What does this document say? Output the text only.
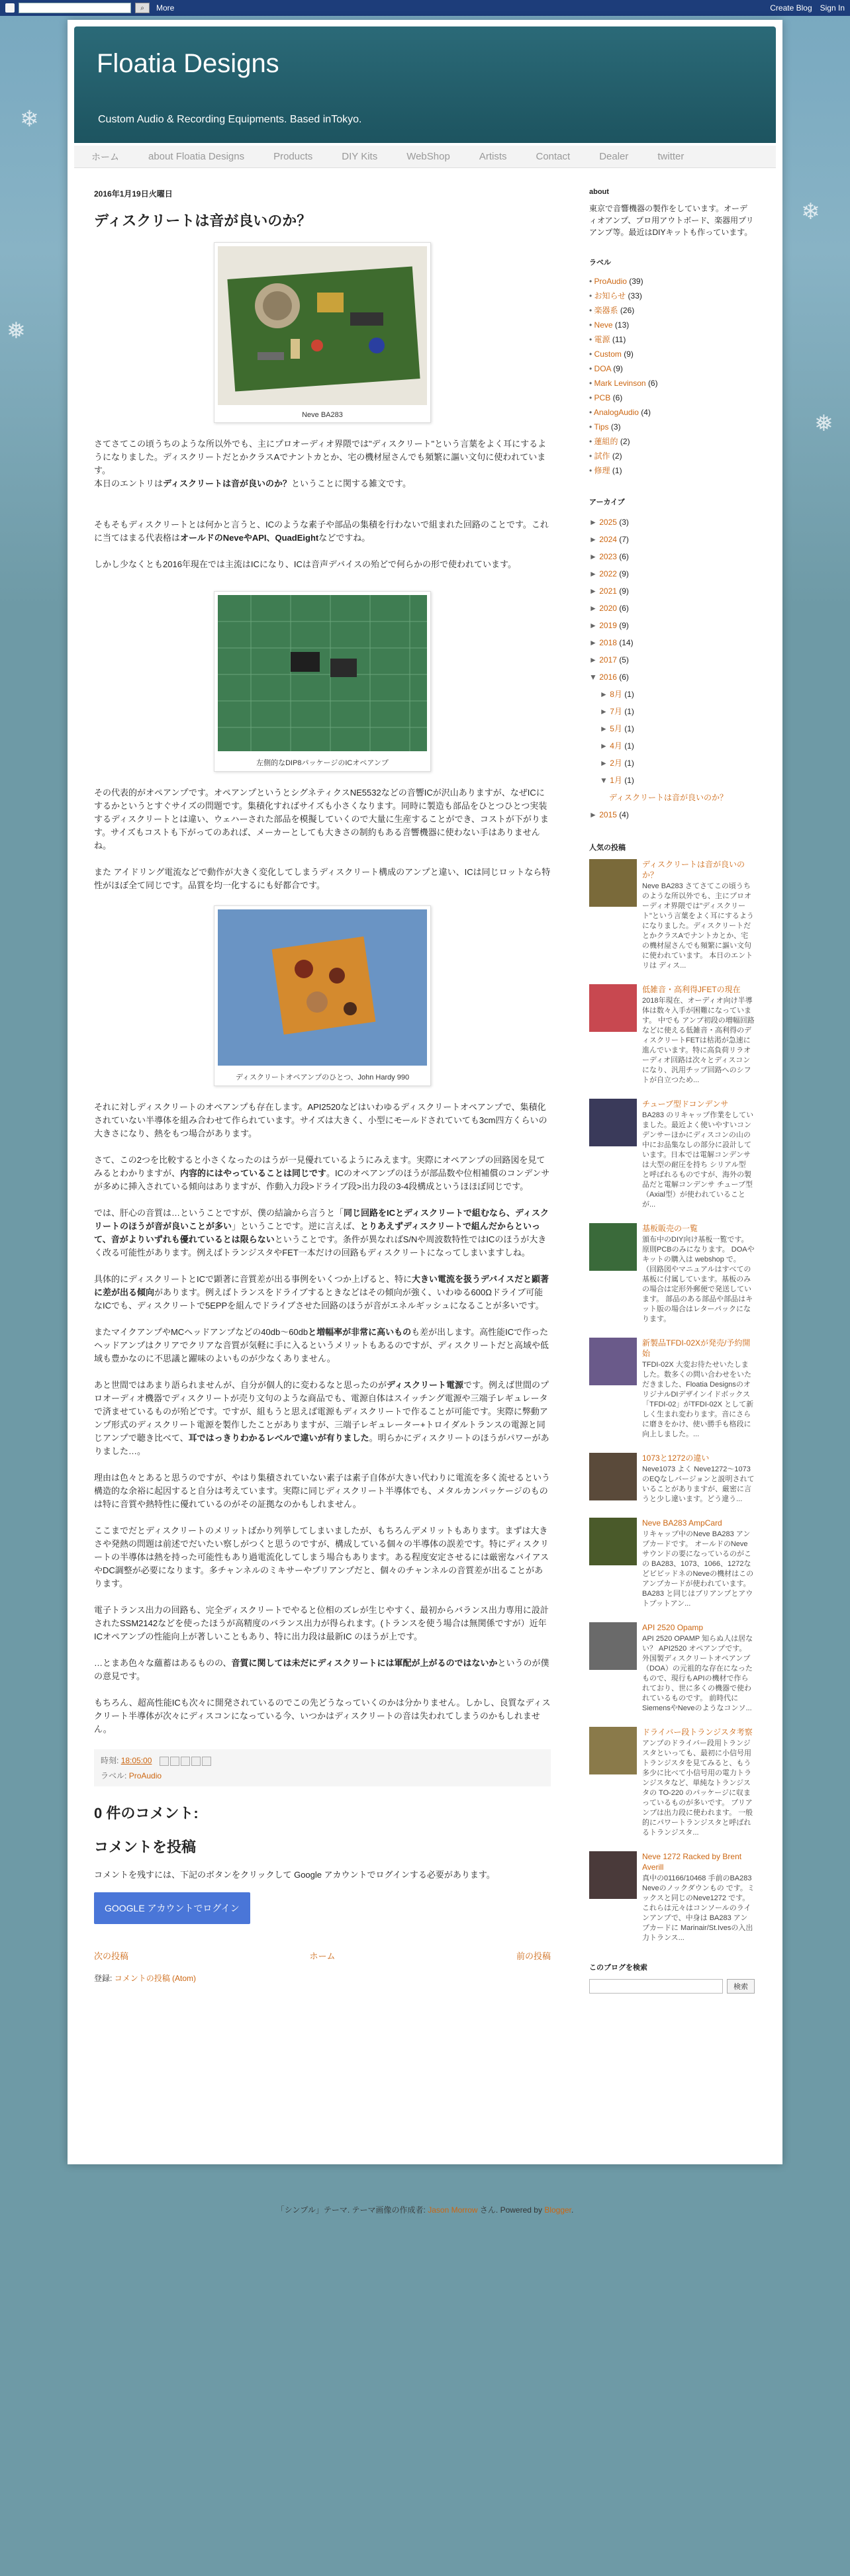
❄
❅
❄
❅
⌕	More	Create Blog Sign In
Floatia Designs
Custom Audio & Recording Equipments. Based inTokyo.
ホーム	about Floatia Designs	Products	DIY Kits	WebShop	Artists	Contact	Dealer	twitter
2016年1月19日火曜日
ディスクリートは音が良いのか？
Neve BA283

さてさてこの頃うちのような所以外でも、主にプロオーディオ界隈では"ディスクリート"という言葉をよく耳にするようになりました。ディスクリートだとかクラスAでナントカとか、宅の機材屋さんでも頻繁に謳い文句に使われています。
本日のエントリはディスクリートは音が良いのか？ということに関する雑文です。

そもそもディスクリートとは何かと言うと、ICのような素子や部品の集積を行わないで組まれた回路のことです。これに当てはまる代表格はオールドのNeveやAPI、QuadEightなどですね。

しかし少なくとも2016年現在では主流はICになり、ICは音声デバイスの殆どで何らかの形で使われています。

左側的なDIP8パッケージのICオペアンプ

その代表的がオペアンプです。オペアンプというとシグネティクスNE5532などの音響ICが沢山ありますが、なぜICにするかというとすぐサイズの問題です。集積化すればサイズも小さくなります。同時に製造も部品をひとつひとつ実装するディスクリートとは違い、ウェハーされた部品を模擬していくので大量に生産することができ、コストが下がります。サイズもコストも下がってのあれば、メーカーとしても大きさの制約もある音響機器に使わない手はありませんね。

また アイドリング電流などで動作が大きく変化してしまうディスクリート構成のアンプと違い、ICは同じロットなら特性がほぼ全て同じです。品質を均一化するにも好都合です。

ディスクリートオペアンプのひとつ、John Hardy 990

それに対しディスクリートのオペアンプも存在します。API2520などはいわゆるディスクリートオペアンプで、集積化されていない半導体を組み合わせて作られています。サイズは大きく、小型にモールドされていても3cm四方くらいの大きさになり、熱をもつ場合があります。

さて、この2つを比較すると小さくなったのはうが一見優れているようにみえます。実際にオペアンプの回路図を見てみるとわかりますが、内容的にはやっていることは同じです。ICのオペアンプのほうが部品数や位相補償のコンデンサが多めに挿入されている傾向はありますが、作動入力段>ドライブ段>出力段の3-4段構成というほほぼ同じです。

では、肝心の音質は…ということですが、僕の結論から言うと「同じ回路をICとディスクリートで組むなら、ディスクリートのほうが音が良いことが多い」ということです。逆に言えば、とりあえずディスクリートで組んだからといって、音がよりいずれも優れているとは限らないということです。条件が異なればS/Nや周波数特性ではICのほうが大きく改る可能性があります。例えばトランジスタやFET一本だけの回路もディスクリートになってしまいますしね。

具体的にディスクリートとICで顕著に音質差が出る事例をいくつか上げると、特に大きい電流を扱うデバイスだと顕著に差が出る傾向があります。例えばトランスをドライブするときなどはその傾向が強く、いわゆる600Ωドライブ可能なICでも、ディスクリートで5EPPを組んでドライブさせた回路のほうが音がエネルギッシュになることが多いです。

またマイクアンプやMCヘッドアンプなどの40db〜60dbと増幅率が非常に高いものも差が出します。高性能ICで作ったヘッドアンプはクリアでクリアな音質が気軽に手に入るというメリットもあるのですが、ディスクリートだと高域や低域も豊かなのに不思議と躍味のよいものが少なくありません。

あと世間ではあまり語られませんが、自分が個人的に変わるなと思ったのがディスクリート電源です。例えば世間のプロオーディオ機器でディスクリートが売り文句のような商品でも、電源自体はスイッチング電源や三端子レギュレータで済ませているものが殆どです。ですが、組もうと思えば電源もディスクリートで作ることが可能です。実際に弊動アンプ形式のディスクリート電源を製作したことがありますが、三端子レギュレーター+トロイダルトランスの電源と同じアンプで聴き比べて、耳ではっきりわかるレベルで違いが有りました。明らかにディスクリートのほうがパワーがありました…。

理由は色々とあると思うのですが、やはり集積されていない素子は素子自体が大きい代わりに電流を多く流せるという構造的な余裕に起因すると自分は考えています。実際に同じディスクリート半導体でも、メタルカンパッケージのものは特に音質や熱特性に優れているのがその証拠なのかもしれません。

ここまでだとディスクリートのメリットばかり列挙してしまいましたが、もちろんデメリットもあります。まずは大きさや発熱の問題は前述でだいたい察しがつくと思うのですが、構成している個々の半導体の誤差です。特にディスクリートの半導体は熱を持った可能性もあり過電流化してしまう場合もあります。ある程度安定させるには厳密なバイアスやDC調整が必要になります。多チャンネルのミキサーやプリアンプだと、個々のチャンネルの音質差が出ることがあります。

電子トランス出力の回路も、完全ディスクリートでやると位相のズレが生じやすく、最初からバランス出力専用に設計されたSSM2142などを使ったほうが高精度のバランス出力が得られます。(トランスを使う場合は無関係ですが）近年ICオペアンプの性能向上が著しいこともあり、特に出力段は最新IC のほうが上です。

…とまあ色々な蘊蓄はあるものの、音質に関しては未だにディスクリートには軍配が上がるのではないかというのが僕の意見です。

もちろん、超高性能ICも次々に開発されているのでこの先どうなっていくのかは分かりません。しかし、良質なディスクリート半導体が次々にディスコンになっている今、いつかはディスクリートの音は失われてしまうのかもしれません。

時刻: 18:05:00
ラベル: ProAudio
0 件のコメント:
コメントを投稿

コメントを残すには、下記のボタンをクリックして Google アカウントでログインする必要があります。

GOOGLE アカウントでログイン
次の投稿	ホーム	前の投稿
登録: コメントの投稿 (Atom)
about
東京で音響機器の製作をしています。オーディオアンプ、プロ用アウトボード、楽器用プリアンプ等。最近はDIYキットも作っています。
ラベル
• ProAudio (39)
• お知らせ (33)
• 楽器系 (26)
• Neve (13)
• 電源 (11)
• Custom (9)
• DOA (9)
• Mark Levinson (6)
• PCB (6)
• AnalogAudio (4)
• Tips (3)
• 蓮組的 (2)
• 試作 (2)
• 修理 (1)
アーカイブ
► 2025 (3)
► 2024 (7)
► 2023 (6)
► 2022 (9)
► 2021 (9)
► 2020 (6)
► 2019 (9)
► 2018 (14)
► 2017 (5)
▼ 2016 (6)
► 8月 (1)
► 7月 (1)
► 5月 (1)
► 4月 (1)
► 2月 (1)
▼ 1月 (1)
ディスクリートは音が良いのか？
► 2015 (4)
人気の投稿
ディスクリートは音が良いのか？
Neve BA283 さてさてこの頃うちのような所以外でも、主にプロオーディオ界隈では"ディスクリート"という言葉をよく耳にするようになりました。ディスクリートだとかクラスAでナントカとか、宅の機材屋さんでも頻繁に謳い文句に使われています。 本日のエントリは ディス...
低雑音・高利得JFETの現在
2018年現在、オーディオ向け半導体は数々入手が困難になっています。 中でも アンプ初段の増幅回路などに使える低雑音・高利得のディスクリートFETは枯渇が急速に進んでいます。特に高負荷リラオーディオ回路は次々とディスコンになり、汎用チップ回路へのシフトが自立つため...
チューブ型ドコンデンサ
BA283 のリキャップ作業をしていました。最近よく使いやすいコンデンサーほかにディスコンの山の中にお品集なしの部分に設計しています。日本では電解コンデンサは大型の耐圧を持ち シリアル型 と呼ばれるものですが、海外の製品だと電解コンデンサ チューブ型（Axial型）が使われていることが...
基板販売の一覧
頒布中のDIY向け基板一覧です。原則PCBのみになります。 DOAやキットの購入は webshop で。 （回路図やマニュアルはすべての基板に付属しています。基板のみの場合は定形外郵便で発送しています。 部品のある部品や部品はキット版の場合はレターパックになります。
新製品TFDI-02Xが発売/予約開始
TFDI-02X 大変お待たせいたしました。数多くの問い合わせをいただきました、Floatia DesignsのオリジナルDIデザインイドボックス「TFDI-02」がTFDI-02X として新しく生まれ変わります。音にさらに磨きをかけ、使い勝手も格段に向上しました。...
1073と1272の違い
Neve1073 よく Neve1272〜1073のEQなしバージョンと説明されていることがありますが、厳密に言うと少し違います。どう違う...
Neve BA283 AmpCard
リキャップ中のNeve BA283 アンプカードです。 オールドのNeveサウンドの要になっているのがこの BA283、1073、1066、1272などビビッドネのNeveの機材はこのアンプカードが使われています。 BA283 と同じはブリアンプとアウトプットアン...
API 2520 Opamp
API 2520 OPAMP 知らぬ人は居ない？ API2520 オペアンプです。 外国製ディスクリートオペアンプ（DOA）の元祖的な存在になったもので、現行もAPIの機材で作られており、世に多くの機器で使われているものです。 前時代にSiemensやNeveのようなコンソ...
ドライバー段トランジスタ考察
アンプのドライバー段用トランジスタといっても、最初に小信号用トランジスタを見てみると、もう多少に比べて小信号用の電力トランジスタなど、単純なトランジスタの TO-220 のパッケージに収まっているものが多いです。 プリアンプは出力段に使われます。 一般的にパワートランジスタと呼ばれるトランジスタ...
Neve 1272 Racked by Brent Averill
真中の01166/10468 手前のBA283 Neveのノックダウンもの です。ミックスと同じのNeve1272 です。 これらは元々はコンソールのラインアンプで、中身は BA283 アンプカードに Marinair/St.Ivesの入出力トランス...
このブログを検索
検索
「シンプル」テーマ. テーマ画像の作成者: Jason Morrow さん. Powered by Blogger.
